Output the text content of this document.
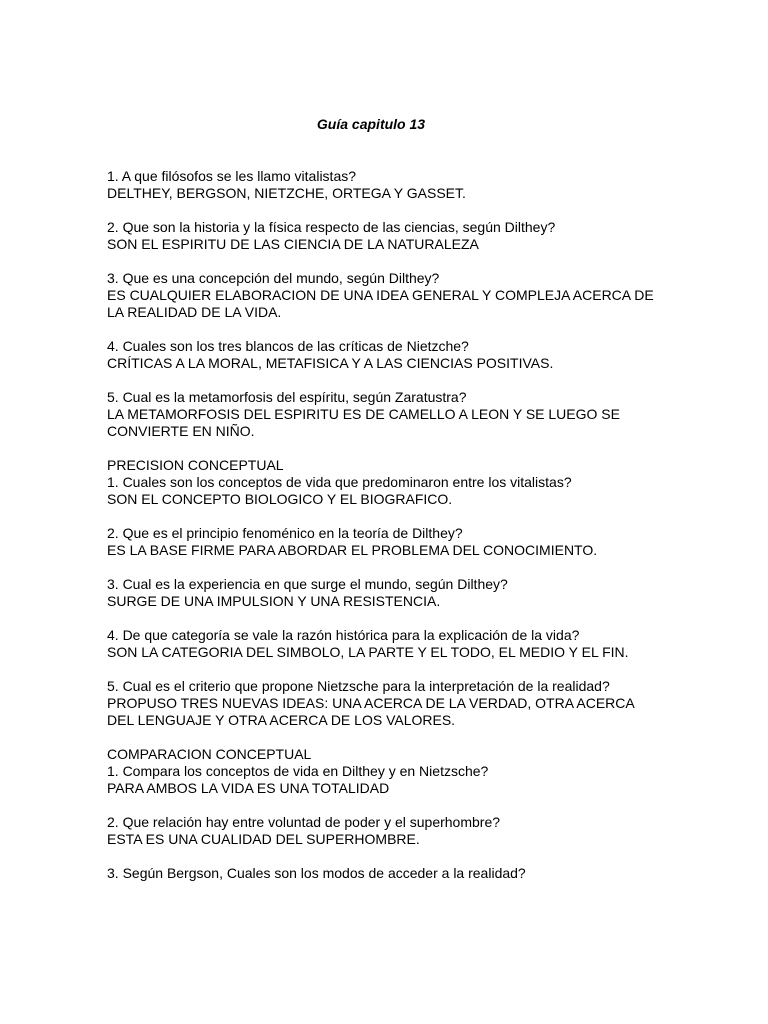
Guía capitulo 13
1. A que filósofos se les llamo vitalistas?
DELTHEY, BERGSON, NIETZCHE, ORTEGA Y GASSET.
2. Que son la historia y la física respecto de las ciencias, según Dilthey?
SON EL ESPIRITU DE LAS CIENCIA DE LA NATURALEZA
3. Que es una concepción del mundo, según Dilthey?
ES CUALQUIER ELABORACION DE UNA IDEA GENERAL Y COMPLEJA ACERCA DE
LA REALIDAD DE LA VIDA.
4. Cuales son los tres blancos de las críticas de Nietzche?
CRÍTICAS A LA MORAL, METAFISICA Y A LAS CIENCIAS POSITIVAS.
5. Cual es la metamorfosis del espíritu, según Zaratustra?
LA METAMORFOSIS DEL ESPIRITU ES DE CAMELLO A LEON Y SE LUEGO SE
CONVIERTE EN NIÑO.
PRECISION CONCEPTUAL
1. Cuales son los conceptos de vida que predominaron entre los vitalistas?
SON EL CONCEPTO BIOLOGICO Y EL BIOGRAFICO.
2. Que es el principio fenoménico en la teoría de Dilthey?
ES LA BASE FIRME PARA ABORDAR EL PROBLEMA DEL CONOCIMIENTO.
3. Cual es la experiencia en que surge el mundo, según Dilthey?
SURGE DE UNA IMPULSION Y UNA RESISTENCIA.
4. De que categoría se vale la razón histórica para la explicación de la vida?
SON LA CATEGORIA DEL SIMBOLO, LA PARTE Y EL TODO, EL MEDIO Y EL FIN.
5. Cual es el criterio que propone Nietzsche para la interpretación de la realidad?
PROPUSO TRES NUEVAS IDEAS: UNA ACERCA DE LA VERDAD, OTRA ACERCA
DEL LENGUAJE Y OTRA ACERCA DE LOS VALORES.
COMPARACION CONCEPTUAL
1. Compara los conceptos de vida en Dilthey y en Nietzsche?
PARA AMBOS LA VIDA ES UNA TOTALIDAD
2. Que relación hay entre voluntad de poder y el superhombre?
ESTA ES UNA CUALIDAD DEL SUPERHOMBRE.
3. Según Bergson, Cuales son los modos de acceder a la realidad?
